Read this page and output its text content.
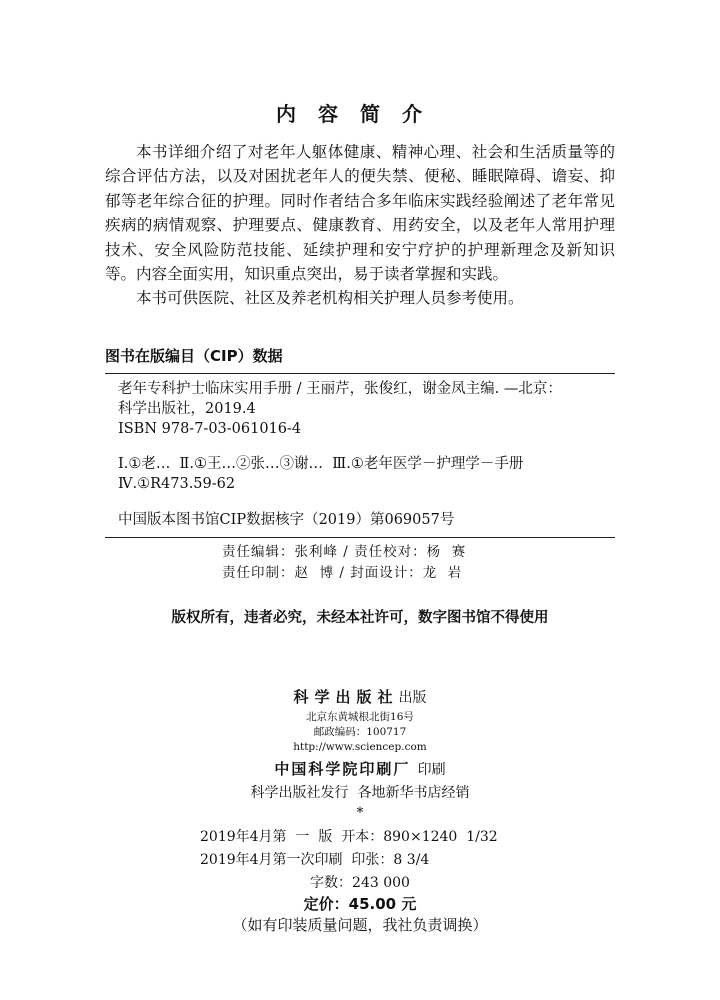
内容简介

本书详细介绍了对老年人躯体健康、精神心理、社会和生活质量等的综合评估方法，以及对困扰老年人的便失禁、便秘、睡眠障碍、谵妄、抑郁等老年综合征的护理。同时作者结合多年临床实践经验阐述了老年常见疾病的病情观察、护理要点、健康教育、用药安全，以及老年人常用护理技术、安全风险防范技能、延续护理和安宁疗护的护理新理念及新知识等。内容全面实用，知识重点突出，易于读者掌握和实践。

本书可供医院、社区及养老机构相关护理人员参考使用。

图书在版编目（CIP）数据
老年专科护士临床实用手册 / 王丽芹，张俊红，谢金凤主编. —北京：
科学出版社，2019.4
ISBN 978-7-03-061016-4
Ⅰ.①老…  Ⅱ.①王…②张…③谢…  Ⅲ.①老年医学－护理学－手册
Ⅳ.①R473.59-62
中国版本图书馆CIP数据核字（2019）第069057号
责任编辑：张利峰 / 责任校对：杨  赛
责任印制：赵  博 / 封面设计：龙  岩
版权所有，违者必究，未经本社许可，数字图书馆不得使用
科学出版社出版
北京东黄城根北街16号
邮政编码：100717
http://www.sciencep.com
中国科学院印刷厂 印刷
科学出版社发行  各地新华书店经销
*
2019年4月第  一  版  开本：890×1240  1/32
2019年4月第一次印刷  印张：8 3/4
字数：243 000
定价：45.00 元
（如有印装质量问题，我社负责调换）
